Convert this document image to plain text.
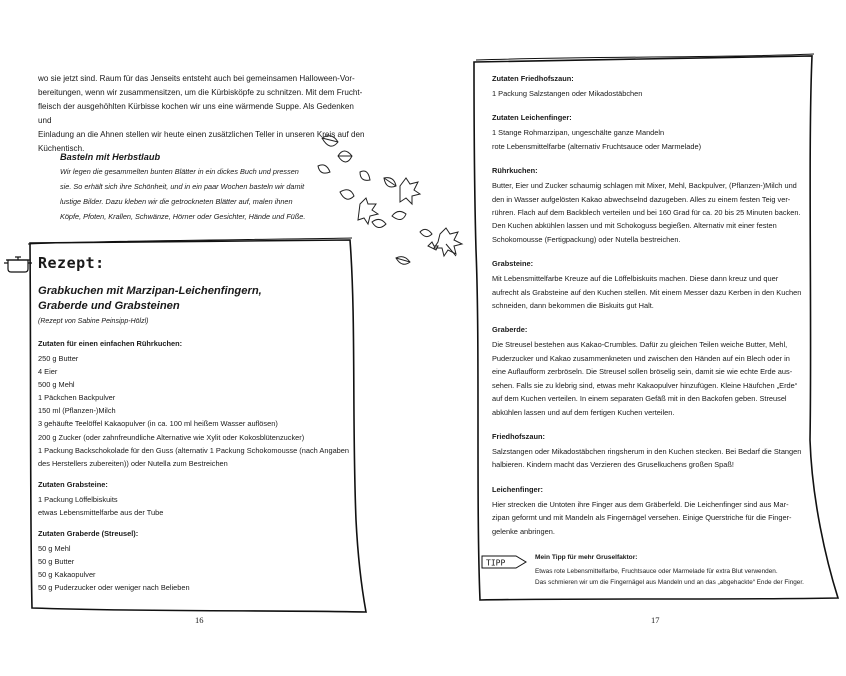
wo sie jetzt sind. Raum für das Jenseits entsteht auch bei gemeinsamen Halloween-Vor-

bereitungen, wenn wir zusammensitzen, um die Kürbisköpfe zu schnitzen. Mit dem Frucht-

fleisch der ausgehöhlten Kürbisse kochen wir uns eine wärmende Suppe. Als Gedenken und

Einladung an die Ahnen stellen wir heute einen zusätzlichen Teller in unseren Kreis auf den

Küchentisch.

Basteln mit Herbstlaub

Wir legen die gesammelten bunten Blätter in ein dickes Buch und pressen

sie. So erhält sich ihre Schönheit, und in ein paar Wochen basteln wir damit

lustige Bilder. Dazu kleben wir die getrockneten Blätter auf, malen ihnen

Köpfe, Pfoten, Krallen, Schwänze, Hörner oder Gesichter, Hände und Füße.

Rezept:

Grabkuchen mit Marzipan-Leichenfingern,

Graberde und Grabsteinen

(Rezept von Sabine Peinsipp-Hölzl)

Zutaten für einen einfachen Rührkuchen:

250 g Butter

4 Eier

500 g Mehl

1 Päckchen Backpulver

150 ml (Pflanzen-)Milch

3 gehäufte Teelöffel Kakaopulver (in ca. 100 ml heißem Wasser auflösen)

200 g Zucker (oder zahnfreundliche Alternative wie Xylit oder Kokosblütenzucker)

1 Packung Backschokolade für den Guss (alternativ 1 Packung Schokomousse (nach Angaben

des Herstellers zubereiten)) oder Nutella zum Bestreichen

Zutaten Grabsteine:

1 Packung Löffelbiskuits

etwas Lebensmittelfarbe aus der Tube

Zutaten Graberde (Streusel):

50 g Mehl

50 g Butter

50 g Kakaopulver

50 g Puderzucker oder weniger nach Belieben

16

Zutaten Friedhofszaun:

1 Packung Salzstangen oder Mikadostäbchen

Zutaten Leichenfinger:

1 Stange Rohmarzipan, ungeschälte ganze Mandeln

rote Lebensmittelfarbe (alternativ Fruchtsauce oder Marmelade)

Rührkuchen:

Butter, Eier und Zucker schaumig schlagen mit Mixer, Mehl, Backpulver, (Pflanzen-)Milch und

den in Wasser aufgelösten Kakao abwechselnd dazugeben. Alles zu einem festen Teig ver-

rühren. Flach auf dem Backblech verteilen und bei 160 Grad für ca. 20 bis 25 Minuten backen.

Den Kuchen abkühlen lassen und mit Schokoguss begießen. Alternativ mit einer festen

Schokomousse (Fertigpackung) oder Nutella bestreichen.

Grabsteine:

Mit Lebensmittelfarbe Kreuze auf die Löffelbiskuits machen. Diese dann kreuz und quer

aufrecht als Grabsteine auf den Kuchen stellen. Mit einem Messer dazu Kerben in den Kuchen

schneiden, dann bekommen die Biskuits gut Halt.

Graberde:

Die Streusel bestehen aus Kakao-Crumbles. Dafür zu gleichen Teilen weiche Butter, Mehl,

Puderzucker und Kakao zusammenkneten und zwischen den Händen auf ein Blech oder in

eine Auflaufform zerbröseln. Die Streusel sollen bröselig sein, damit sie wie echte Erde aus-

sehen. Falls sie zu klebrig sind, etwas mehr Kakaopulver hinzufügen. Kleine Häufchen „Erde“

auf dem Kuchen verteilen. In einem separaten Gefäß mit in den Backofen geben. Streusel

abkühlen lassen und auf dem fertigen Kuchen verteilen.

Friedhofszaun:

Salzstangen oder Mikadostäbchen ringsherum in den Kuchen stecken. Bei Bedarf die Stangen

halbieren. Kindern macht das Verzieren des Gruselkuchens großen Spaß!

Leichenfinger:

Hier strecken die Untoten ihre Finger aus dem Gräberfeld. Die Leichenfinger sind aus Mar-

zipan geformt und mit Mandeln als Fingernägel versehen. Einige Querstriche für die Finger-

gelenke anbringen.

TIPP
Mein Tipp für mehr Gruselfaktor:
Etwas rote Lebensmittelfarbe, Fruchtsauce oder Marmelade für extra Blut verwenden.
Das schmieren wir um die Fingernägel aus Mandeln und an das „abgehackte“ Ende der Finger.
17
